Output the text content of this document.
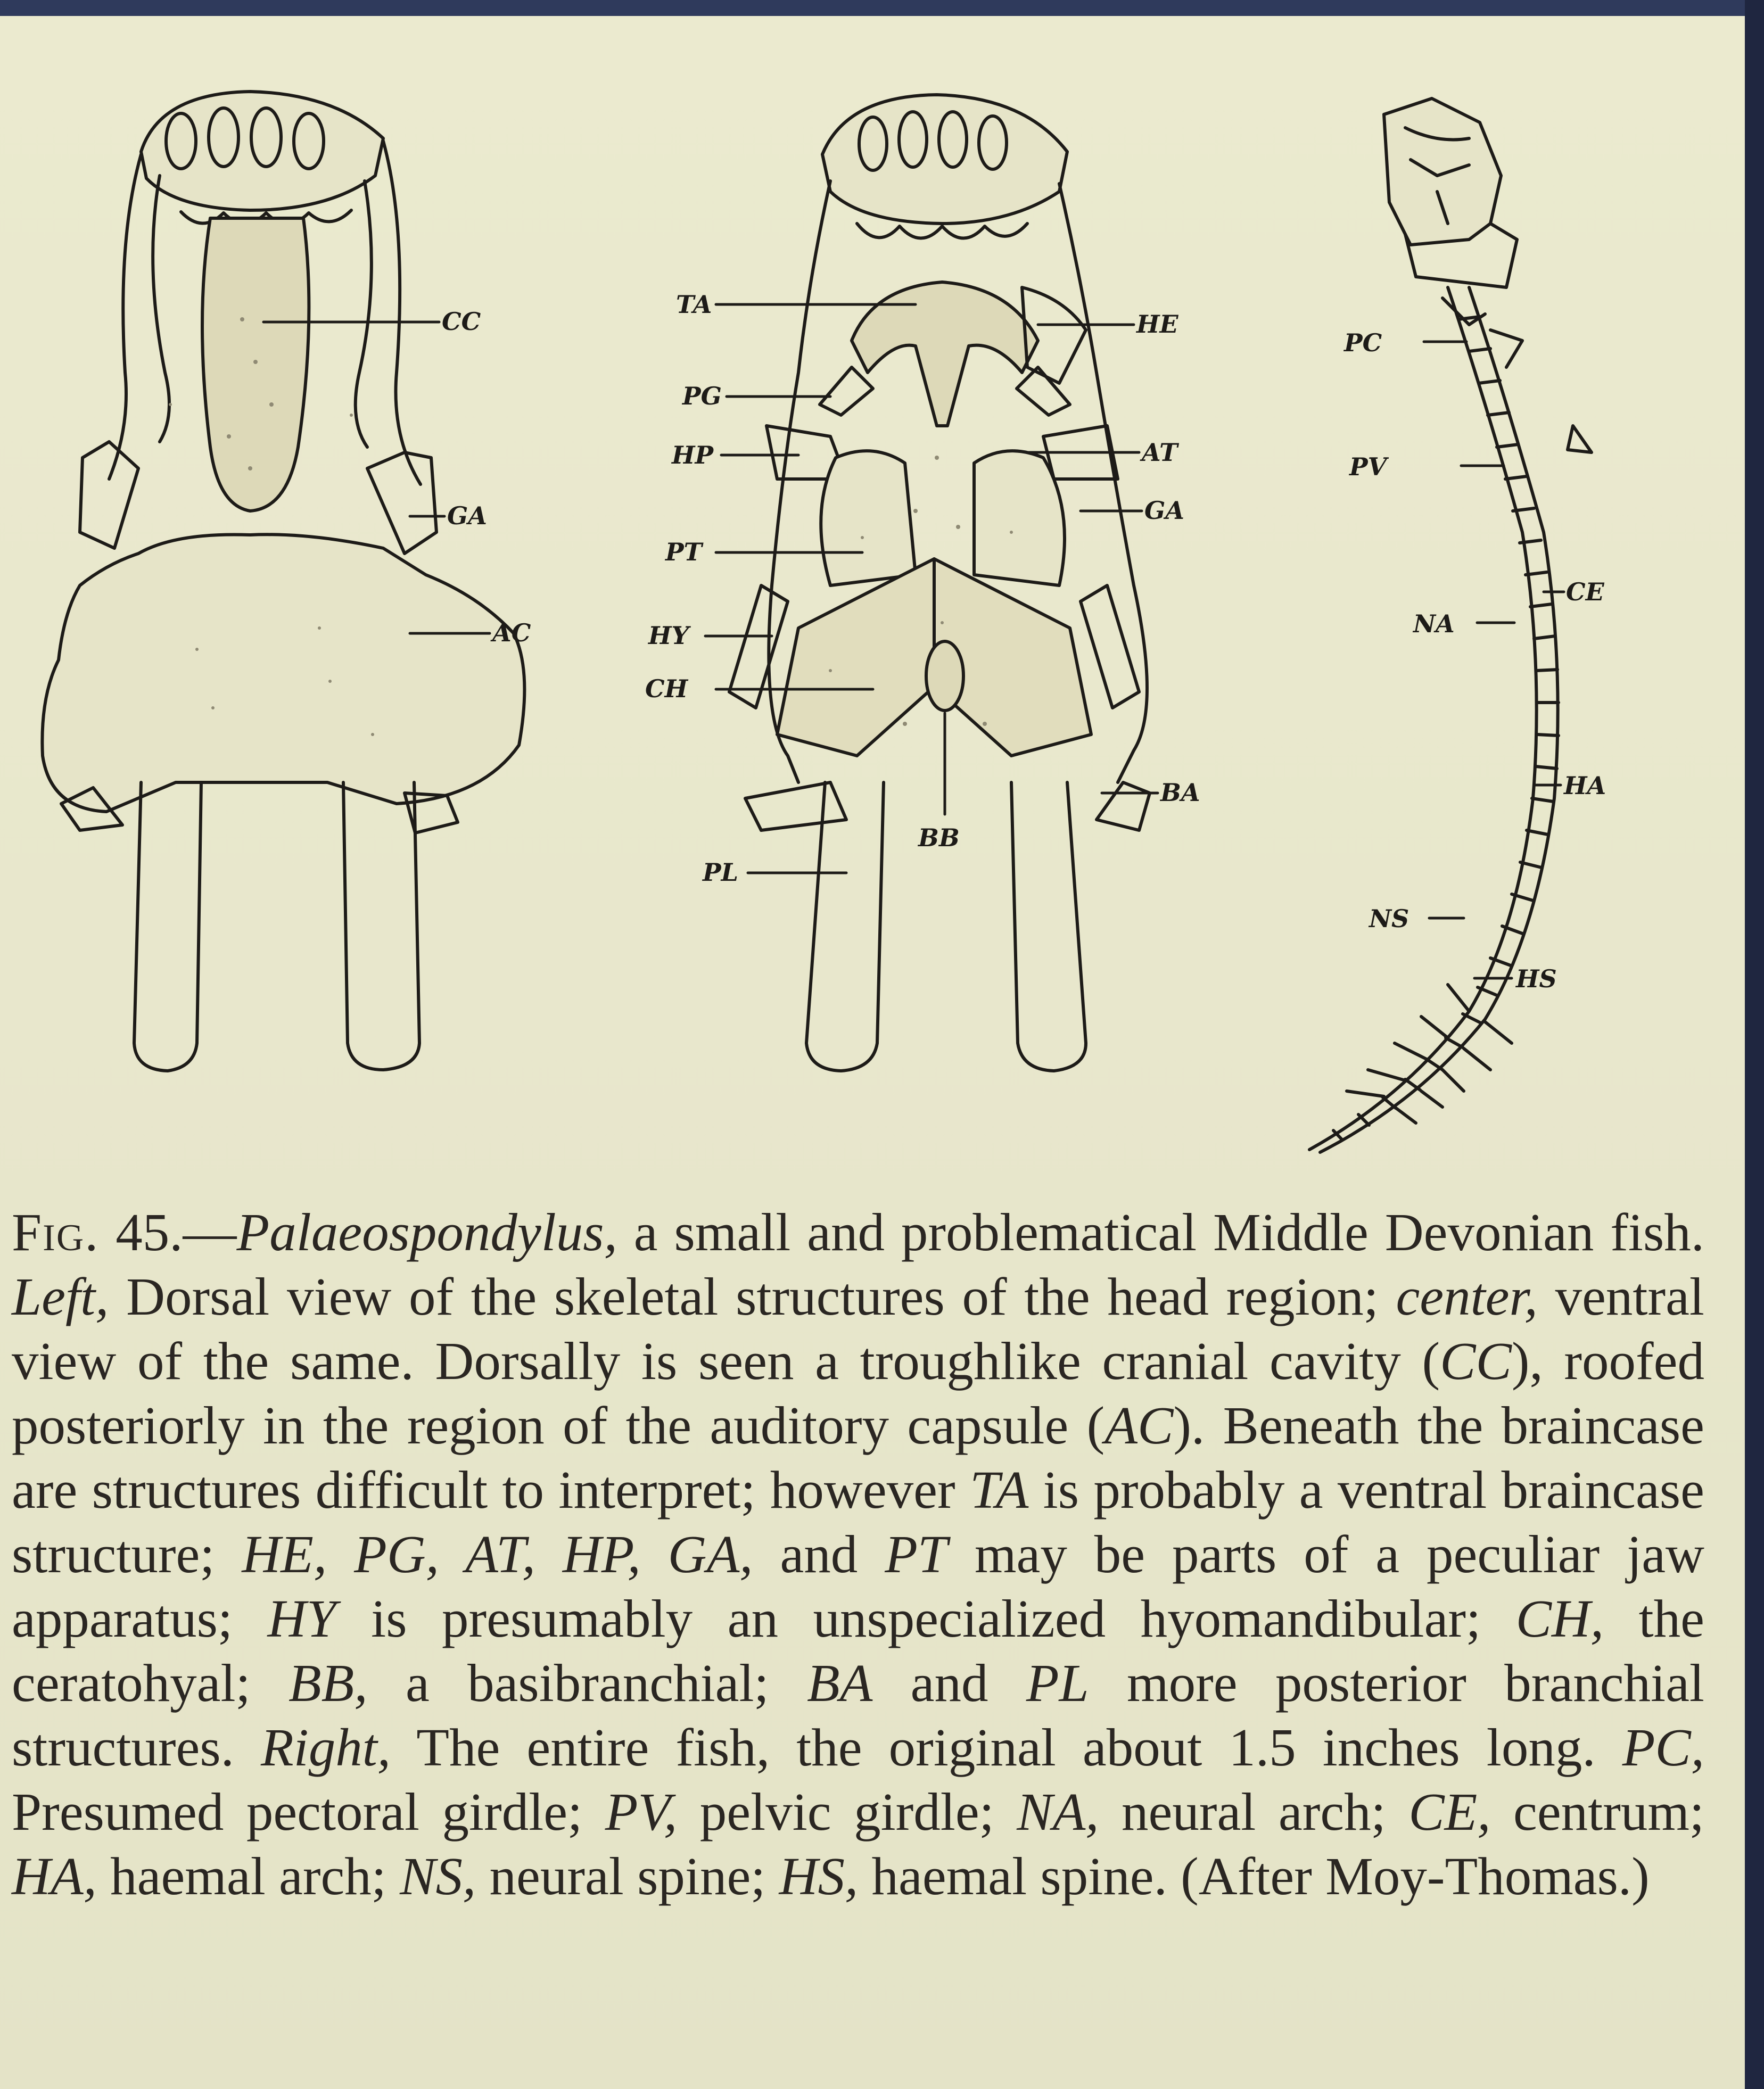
CC
GA
AC
TA
PG
HP
PT
HY
CH
HE
AT
GA
BA
BB
PL
PC
PV
CE
NA
HA
NS
HS
Fig. 45.—Palaeospondylus, a small and problematical Middle Devonian fish. Left, Dorsal view of the skeletal structures of the head region; center, ventral view of the same. Dorsally is seen a troughlike cranial cavity (CC), roofed posteriorly in the region of the auditory capsule (AC). Beneath the braincase are structures difficult to interpret; however TA is probably a ventral braincase structure; HE, PG, AT, HP, GA, and PT may be parts of a peculiar jaw apparatus; HY is presumably an unspecialized hyomandibular; CH, the ceratohyal; BB, a basibranchial; BA and PL more posterior branchial structures. Right, The entire fish, the original about 1.5 inches long. PC, Presumed pectoral girdle; PV, pelvic girdle; NA, neural arch; CE, centrum; HA, haemal arch; NS, neural spine; HS, haemal spine. (After Moy-Thomas.)
